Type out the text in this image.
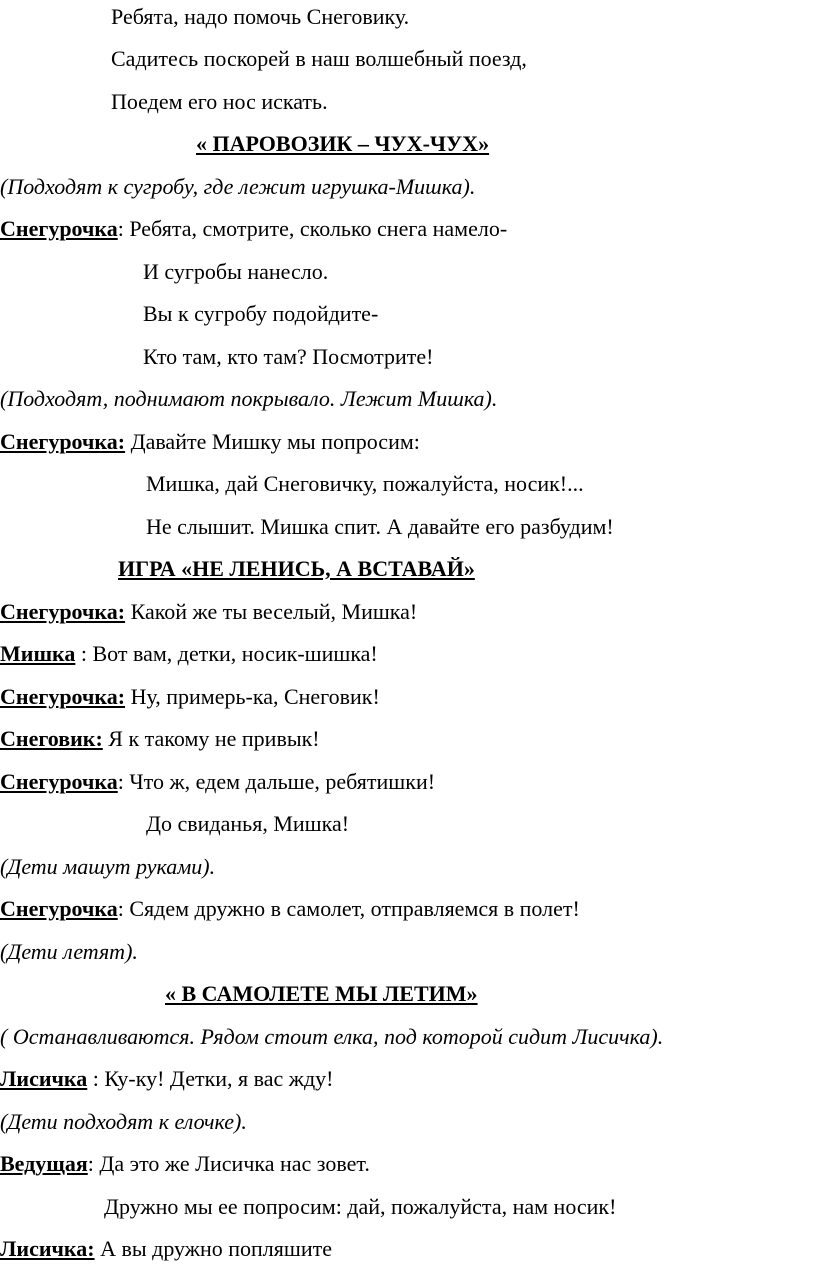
Ребята, надо помочь Снеговику.
Садитесь поскорей в наш волшебный поезд,
Поедем его нос искать.
« ПАРОВОЗИК – ЧУХ-ЧУХ»
(Подходят к сугробу, где лежит игрушка-Мишка).
Снегурочка: Ребята, смотрите, сколько снега намело-
И сугробы нанесло.
Вы к сугробу подойдите-
Кто там, кто там? Посмотрите!
(Подходят, поднимают покрывало. Лежит Мишка).
Снегурочка: Давайте Мишку мы попросим:
Мишка, дай Снеговичку, пожалуйста, носик!...
Не слышит. Мишка спит. А давайте его разбудим!
ИГРА «НЕ ЛЕНИСЬ, А ВСТАВАЙ»
Снегурочка: Какой же ты веселый, Мишка!
Мишка : Вот вам, детки, носик-шишка!
Снегурочка: Ну, примерь-ка, Снеговик!
Снеговик: Я к такому не привык!
Снегурочка: Что ж, едем дальше, ребятишки!
До свиданья, Мишка!
(Дети машут руками).
Снегурочка: Сядем дружно в самолет, отправляемся в полет!
(Дети летят).
« В САМОЛЕТЕ МЫ ЛЕТИМ»
( Останавливаются. Рядом стоит елка, под которой сидит Лисичка).
Лисичка : Ку-ку! Детки, я вас жду!
(Дети подходят к елочке).
Ведущая: Да это же Лисичка нас зовет.
Дружно мы ее попросим: дай, пожалуйста, нам носик!
Лисичка: А вы дружно попляшите
